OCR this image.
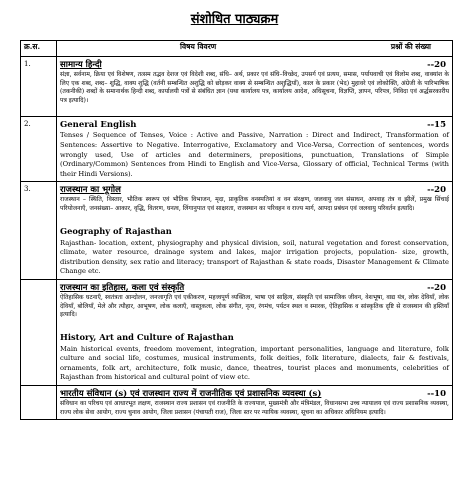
संशोधित पाठ्यक्रम
क्र.स.	विषय विवरण प्रश्नों की संख्या

1.	सामान्य हिन्दी --20

संज्ञा, सर्वनाम, क्रिया एवं विशेषण, तत्सम तद्भव देशज एवं विदेशी शब्द, संधि– अर्थ, प्रकार एवं संधि–विच्छेद, उपसर्ग एवं प्रत्यय, समास, पर्यायवाची एवं विलोम शब्द, वाक्यांश के लिए एक शब्द, शब्द– शुद्धि, वाक्य शुद्धि (वर्तनी सम्बन्धित अशुद्धि को छोड़कर वाक्य से सम्बन्धित अशुद्धियाँ), काल के प्रकार (भेद) मुहावरे एवं लोकोक्ति, अंग्रेजी के पारिभाषिक (तकनीकी) शब्दों के समानार्थक हिन्दी शब्द, कार्यालयी पत्रों से संबंधित ज्ञान (यथा कार्यालय पत्र, कार्यालय आदेश, अधिसूचना, विज्ञप्ति, ज्ञापन, परिपत्र, निविदा एवं अर्द्धसरकारीय पत्र इत्यादि)।

2.	General English --15

Tenses / Sequence of Tenses, Voice : Active and Passive, Narration : Direct and Indirect, Transformation of Sentences: Assertive to Negative. Interrogative, Exclamatory and Vice-Versa, Correction of sentences, words wrongly used, Use of articles and determiners, prepositions, punctuation, Translations of Simple (Ordinary/Common) Sentences from Hindi to English and Vice-Versa, Glossary of official, Technical Terms (with their Hindi Versions).

3.	राजस्थान का भूगोल --20

राजस्थान – स्थिति, विस्तार, भौतिक स्वरूप एवं भौतिक विभाजन, मृदा, प्राकृतिक वनस्पतियां व वन संरक्षण, जलवायु जल संसाधन, अपवाह तंत्र व झीलें, प्रमुख सिंचाई परियोजनाएँ, जनसंख्या– आकार, वृद्धि, वितरण, घनत्व, लिंगानुपात एवं साक्षरता, राजस्थान का परिवहन व राज्य मार्ग, आपदा प्रबंधन एवं जलवायु परिवर्तन इत्यादि।

Geography of Rajasthan

Rajasthan- location, extent, physiography and physical division, soil, natural vegetation and forest conservation, climate, water resource, drainage system and lakes, major irrigation projects, population- size, growth, distribution density, sex ratio and literacy; transport of Rajasthan & state roads, Disaster Management & Climate Change etc.

	राजस्थान का इतिहास, कला एवं संस्कृति --20

ऐतिहासिक घटनाएँ, स्वतंत्रता आन्दोलन, जनजागृति एवं एकीकरण, महत्त्वपूर्ण व्यक्तित्व, भाषा एवं साहित्य, संस्कृति एवं सामाजिक जीवन, वेशभूषा, वाद्य यंत्र, लोक देवियाँ, लोक देवियाँ, बोलियाँ, मेले और त्यौहार, आभूषण, लोक कलाएँ, वास्तुकला, लोक संगीत, नृत्य, रंगमंच, पर्यटन स्थल व स्मारक, ऐतिहासिक व सांस्कृतिक दृष्टि से राजस्थान की हस्तियाँ इत्यादि।

History, Art and Culture of Rajasthan

Main historical events, freedom movement, integration, important personalities, language and literature, folk culture and social life, costumes, musical instruments, folk deities, folk literature, dialects, fair & festivals, ornaments, folk art, architecture, folk music, dance, theatres, tourist places and monuments, celebrities of Rajasthan from historical and cultural point of view etc.

	भारतीय संविधान (s) एवं राजस्थान राज्य में राजनीतिक एवं प्रशासनिक व्यवस्था (s) --10

संविधान का परिचय एवं आधारभूत लक्षण, राजस्थान राज्य प्रशासन एवं राजनीति के राज्यपाल, मुख्यमंत्री और मंत्रिमंडल, विधानसभा उच्च न्यायालय एवं राज्य प्रशासनिक व्यवस्था, राज्य लोक सेवा आयोग, राज्य चुनाव आयोग, जिला प्रशासन (पंचायती राज), जिला स्तर पर न्यायिक व्यवस्था, सूचना का अधिकार अधिनियम इत्यादि।
